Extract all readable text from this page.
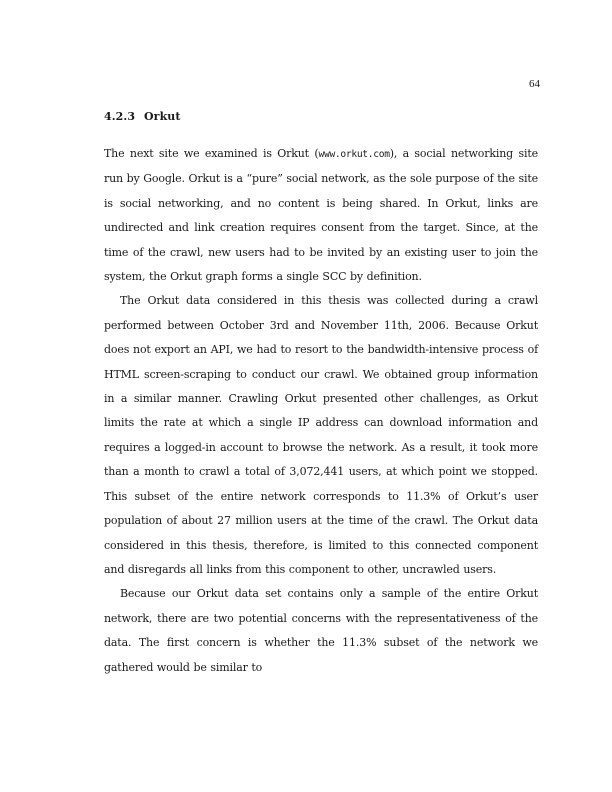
64
4.2.3 Orkut

The next site we examined is Orkut (www.orkut.com), a social networking site run by Google. Orkut is a “pure” social network, as the sole purpose of the site is social networking, and no content is being shared. In Orkut, links are undirected and link creation requires consent from the target. Since, at the time of the crawl, new users had to be invited by an existing user to join the system, the Orkut graph forms a single SCC by definition.

The Orkut data considered in this thesis was collected during a crawl performed between October 3rd and November 11th, 2006. Because Orkut does not export an API, we had to resort to the bandwidth-intensive process of HTML screen-scraping to conduct our crawl. We obtained group information in a similar manner. Crawling Orkut presented other challenges, as Orkut limits the rate at which a single IP address can download information and requires a logged-in account to browse the network. As a result, it took more than a month to crawl a total of 3,072,441 users, at which point we stopped. This subset of the entire network corresponds to 11.3% of Orkut’s user population of about 27 million users at the time of the crawl. The Orkut data considered in this thesis, therefore, is limited to this connected component and disregards all links from this component to other, uncrawled users.

Because our Orkut data set contains only a sample of the entire Orkut network, there are two potential concerns with the representativeness of the data. The first concern is whether the 11.3% subset of the network we gathered would be similar to
